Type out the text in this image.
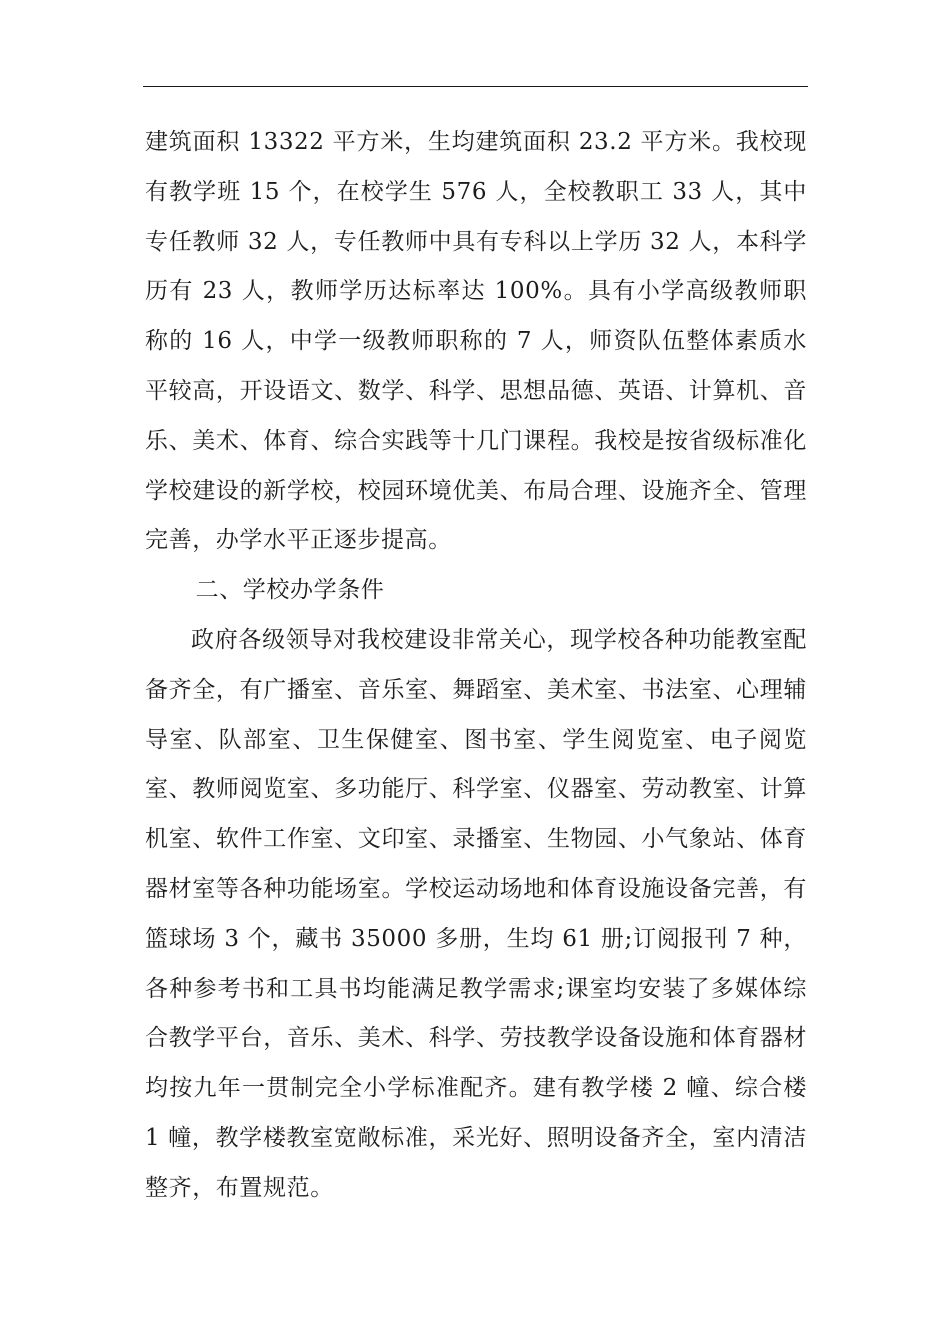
建筑面积 13322 平方米，生均建筑面积 23.2 平方米。我校现有教学班 15 个，在校学生 576 人，全校教职工 33 人，其中专任教师 32 人，专任教师中具有专科以上学历 32 人，本科学历有 23 人，教师学历达标率达 100%。具有小学高级教师职称的 16 人，中学一级教师职称的 7 人，师资队伍整体素质水平较高，开设语文、数学、科学、思想品德、英语、计算机、音乐、美术、体育、综合实践等十几门课程。我校是按省级标准化学校建设的新学校，校园环境优美、布局合理、设施齐全、管理完善，办学水平正逐步提高。

二、学校办学条件

政府各级领导对我校建设非常关心，现学校各种功能教室配备齐全，有广播室、音乐室、舞蹈室、美术室、书法室、心理辅导室、队部室、卫生保健室、图书室、学生阅览室、电子阅览室、教师阅览室、多功能厅、科学室、仪器室、劳动教室、计算机室、软件工作室、文印室、录播室、生物园、小气象站、体育器材室等各种功能场室。学校运动场地和体育设施设备完善，有篮球场 3 个，藏书 35000 多册，生均 61 册;订阅报刊 7 种，各种参考书和工具书均能满足教学需求;课室均安装了多媒体综合教学平台，音乐、美术、科学、劳技教学设备设施和体育器材均按九年一贯制完全小学标准配齐。建有教学楼 2 幢、综合楼 1 幢，教学楼教室宽敞标准，采光好、照明设备齐全，室内清洁整齐，布置规范。
